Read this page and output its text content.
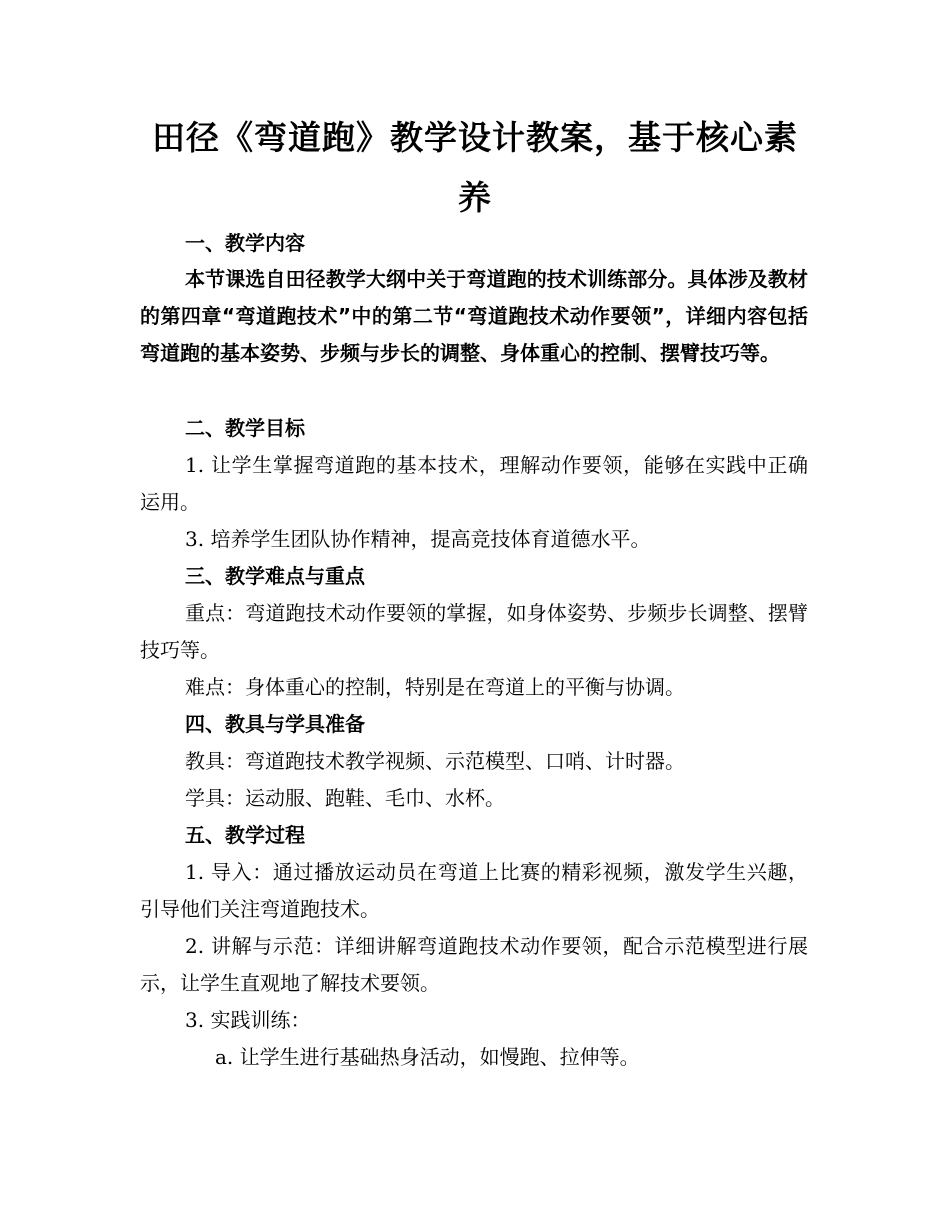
田径《弯道跑》教学设计教案，基于核心素养
一、教学内容

本节课选自田径教学大纲中关于弯道跑的技术训练部分。具体涉及教材的第四章“弯道跑技术”中的第二节“弯道跑技术动作要领”，详细内容包括弯道跑的基本姿势、步频与步长的调整、身体重心的控制、摆臂技巧等。

二、教学目标

1. 让学生掌握弯道跑的基本技术，理解动作要领，能够在实践中正确运用。

3. 培养学生团队协作精神，提高竞技体育道德水平。

三、教学难点与重点

重点：弯道跑技术动作要领的掌握，如身体姿势、步频步长调整、摆臂技巧等。

难点：身体重心的控制，特别是在弯道上的平衡与协调。

四、教具与学具准备

教具：弯道跑技术教学视频、示范模型、口哨、计时器。

学具：运动服、跑鞋、毛巾、水杯。

五、教学过程

1. 导入：通过播放运动员在弯道上比赛的精彩视频，激发学生兴趣，引导他们关注弯道跑技术。

2. 讲解与示范：详细讲解弯道跑技术动作要领，配合示范模型进行展示，让学生直观地了解技术要领。

3. 实践训练：

a. 让学生进行基础热身活动，如慢跑、拉伸等。
